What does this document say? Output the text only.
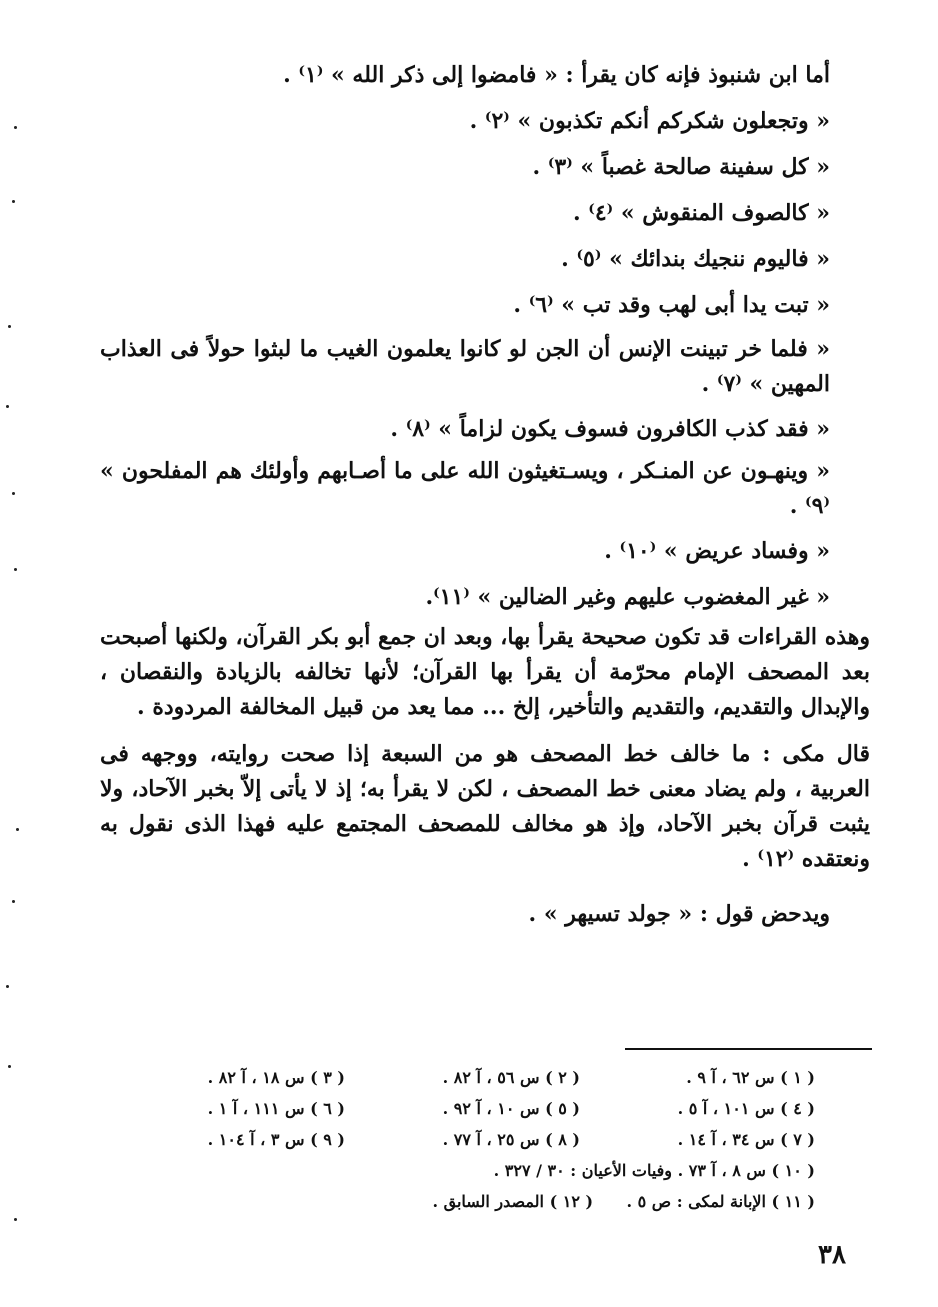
أما ابن شنبوذ فإنه كان يقرأ : « فامضوا إلى ذكر الله » ⁽١⁾ .
« وتجعلون شكركم أنكم تكذبون » ⁽٢⁾ .
« كل سفينة صالحة غصباً » ⁽٣⁾ .
« كالصوف المنقوش » ⁽٤⁾ .
« فاليوم ننجيك بندائك » ⁽٥⁾ .
« تبت يدا أبى لهب وقد تب » ⁽٦⁾ .

« فلما خر تبينت الإنس أن الجن لو كانوا يعلمون الغيب ما لبثوا حولاً فى العذاب المهين » ⁽٧⁾ .

« فقد كذب الكافرون فسوف يكون لزاماً » ⁽٨⁾ .

« وينهـون عن المنـكر ، ويسـتغيثون الله على ما أصـابهم وأولئك هم المفلحون » ⁽٩⁾ .

« وفساد عريض » ⁽١٠⁾ .
« غير المغضوب عليهم وغير الضالين » ⁽١١⁾.

وهذه القراءات قد تكون صحيحة يقرأ بها، وبعد ان جمع أبو بكر القرآن، ولكنها أصبحت بعد المصحف الإمام محرّمة أن يقرأ بها القرآن؛ لأنها تخالفه بالزيادة والنقصان ، والإبدال والتقديم، والتقديم والتأخير، إلخ ... مما يعد من قبيل المخالفة المردودة .

قال مكى : ما خالف خط المصحف هو من السبعة إذا صحت روايته، ووجهه فى العربية ، ولم يضاد معنى خط المصحف ، لكن لا يقرأ به؛ إذ لا يأتى إلاّ بخبر الآحاد، ولا يثبت قرآن بخبر الآحاد، وإذ هو مخالف للمصحف المجتمع عليه فهذا الذى نقول به ونعتقده ⁽١٢⁾ .

ويدحض قول : « جولد تسيهر » .
( ١ ) س ٦٢ ، آ ٩ .
( ٢ ) س ٥٦ ، آ ٨٢ .
( ٣ ) س ١٨ ، آ ٨٢ .
( ٤ ) س ١٠١ ، آ ٥ .
( ٥ ) س ١٠ ، آ ٩٢ .
( ٦ ) س ١١١ ، آ ١ .
( ٧ ) س ٣٤ ، آ ١٤ .
( ٨ ) س ٢٥ ، آ ٧٧ .
( ٩ ) س ٣ ، آ ١٠٤ .
( ١٠ ) س ٨ ، آ ٧٣ . وفيات الأعيان : ٣٠ / ٣٢٧ .
( ١١ ) الإبانة لمكى : ص ٥ .      ( ١٢ ) المصدر السابق .
٣٨
